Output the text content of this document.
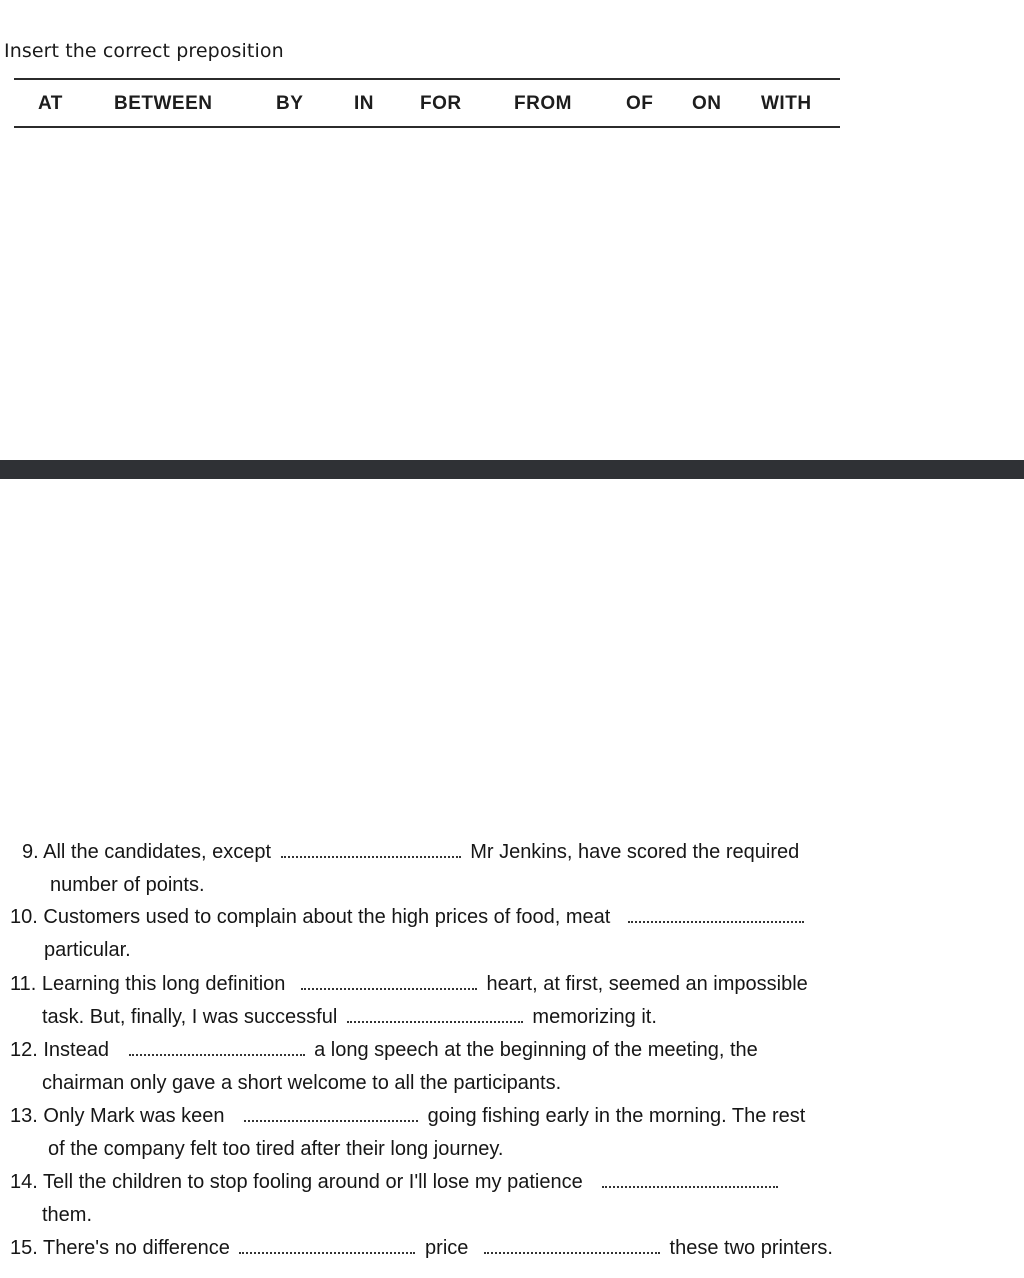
Insert the correct preposition
AT	BETWEEN	BY	IN FOR	FROM	OF ON WITH
9. All the candidates, except	Mr Jenkins, have scored the required
number of points.
10. Customers used to complain about the high prices of food, meat
particular.
11. Learning this long definition	heart, at first, seemed an impossible
task. But, finally, I was successful	memorizing it.
12. Instead	a long speech at the beginning of the meeting, the
chairman only gave a short welcome to all the participants.
13. Only Mark was keen	going fishing early in the morning. The rest
of the company felt too tired after their long journey.
14. Tell the children to stop fooling around or I'll lose my patience
them.
15. There's no difference	price	these two printers.
